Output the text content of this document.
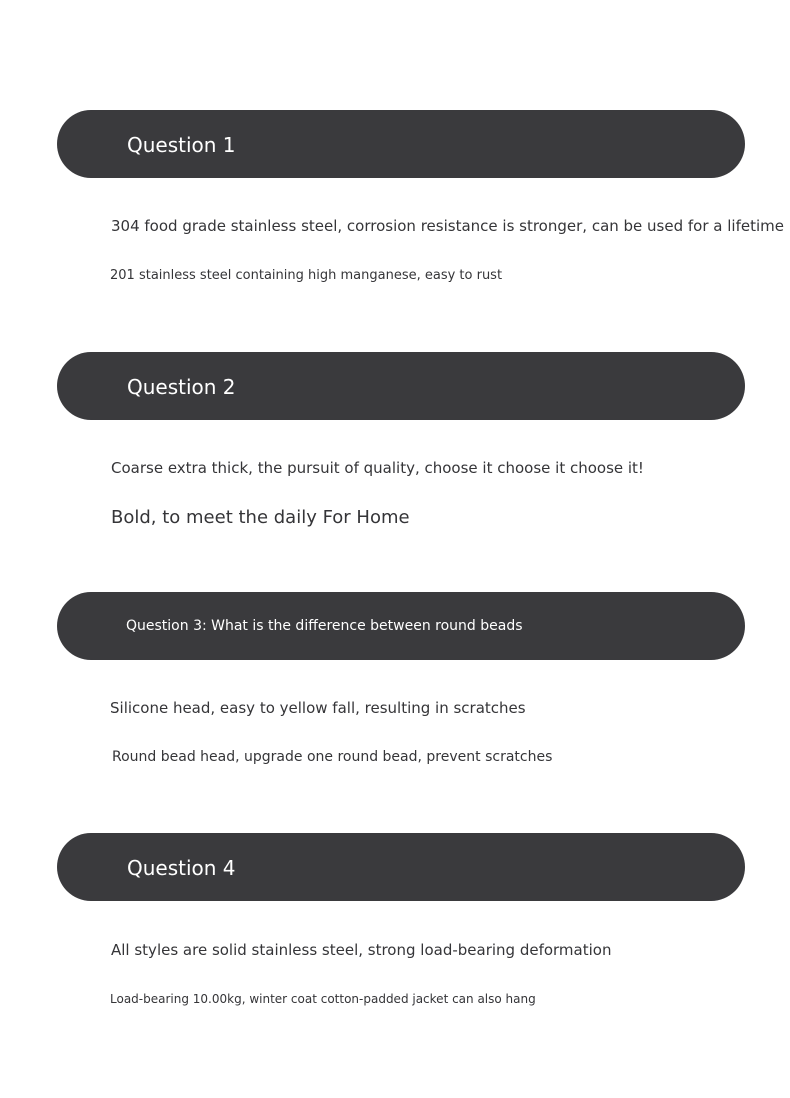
Question 1
304 food grade stainless steel, corrosion resistance is stronger, can be used for a lifetime
201 stainless steel containing high manganese, easy to rust
Question 2
Coarse extra thick, the pursuit of quality, choose it choose it choose it!
Bold, to meet the daily For Home
Question 3: What is the difference between round beads
Silicone head, easy to yellow fall, resulting in scratches
Round bead head, upgrade one round bead, prevent scratches
Question 4
All styles are solid stainless steel, strong load-bearing deformation
Load-bearing 10.00kg, winter coat cotton-padded jacket can also hang
